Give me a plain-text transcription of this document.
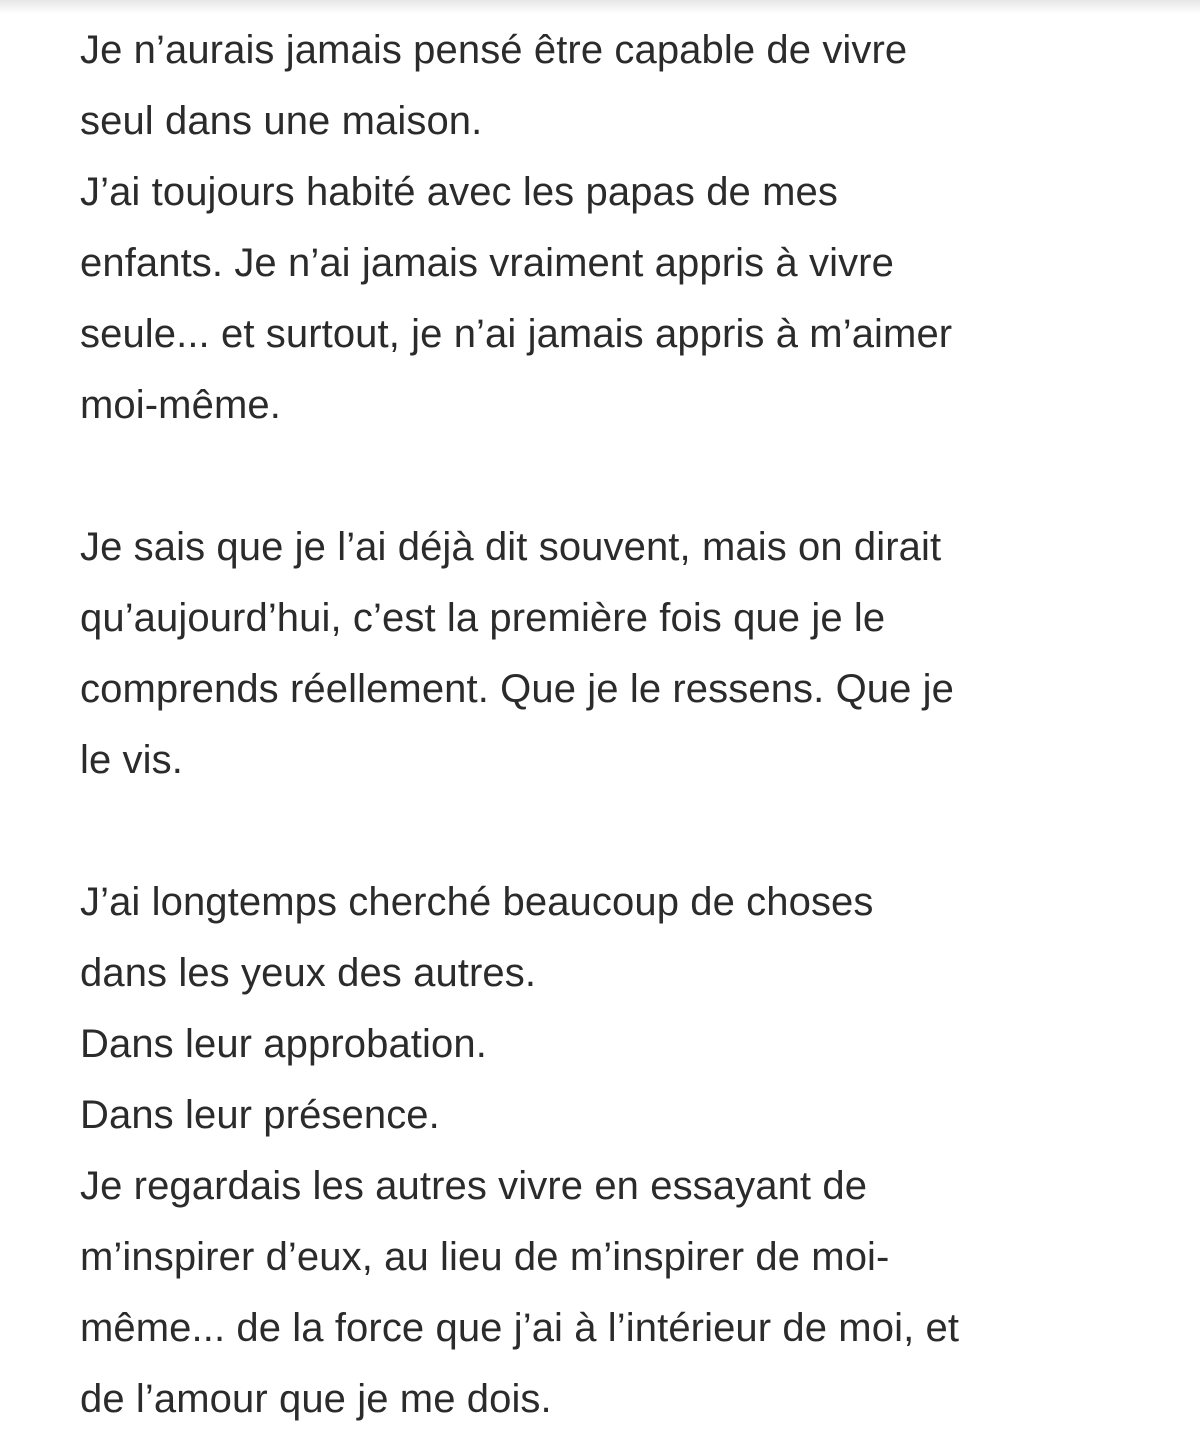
Je n’aurais jamais pensé être capable de vivre
seul dans une maison.
J’ai toujours habité avec les papas de mes
enfants. Je n’ai jamais vraiment appris à vivre
seule... et surtout, je n’ai jamais appris à m’aimer
moi-même.
Je sais que je l’ai déjà dit souvent, mais on dirait
qu’aujourd’hui, c’est la première fois que je le
comprends réellement. Que je le ressens. Que je
le vis.
J’ai longtemps cherché beaucoup de choses
dans les yeux des autres.
Dans leur approbation.
Dans leur présence.
Je regardais les autres vivre en essayant de
m’inspirer d’eux, au lieu de m’inspirer de moi-
même... de la force que j’ai à l’intérieur de moi, et
de l’amour que je me dois.
